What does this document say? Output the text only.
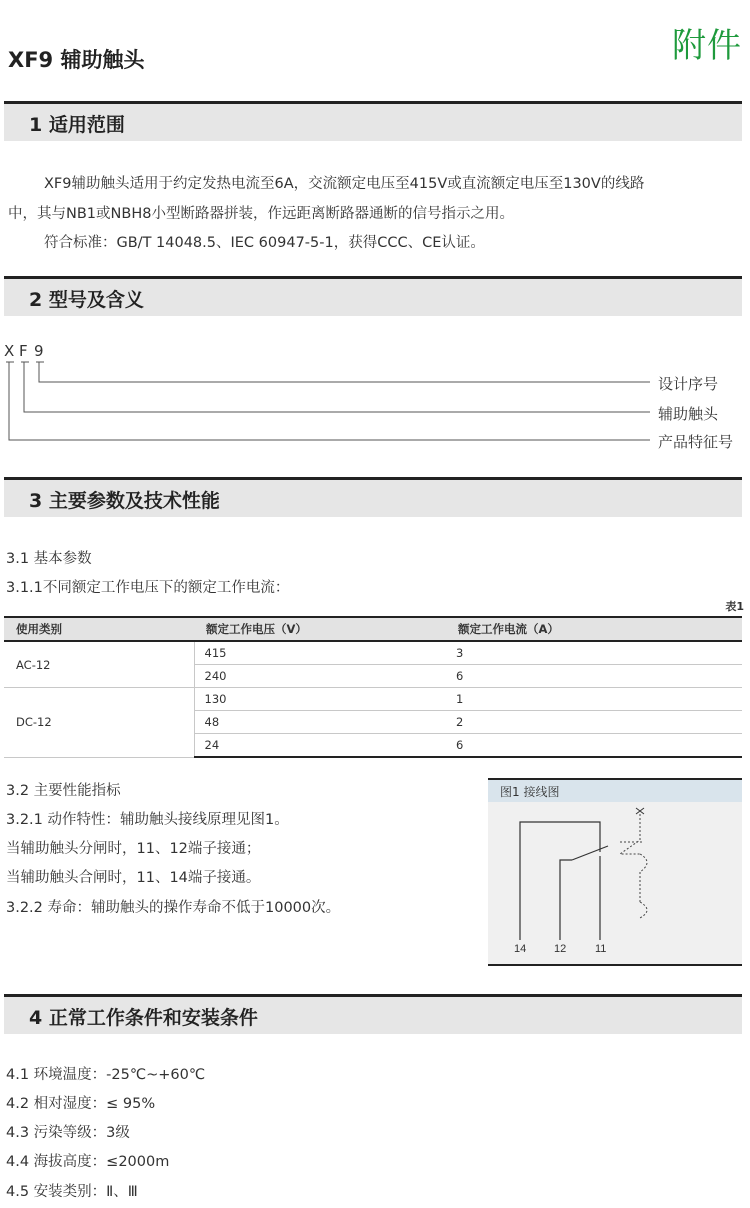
XF9 辅助触头	附件
1 适用范围
XF9辅助触头适用于约定发热电流至6A，交流额定电压至415V或直流额定电压至130V的线路
中，其与NB1或NBH8小型断路器拼装，作远距离断路器通断的信号指示之用。
符合标准：GB/T 14048.5、IEC 60947-5-1，获得CCC、CE认证。
2 型号及含义
X F 9
设计序号
辅助触头
产品特征号
3 主要参数及技术性能
3.1 基本参数
3.1.1不同额定工作电压下的额定工作电流：
表1
使用类别	额定工作电压（V）	额定工作电流（A）
AC-12	415	3
	240	6
DC-12	130	1
	48	2
	24	6
3.2 主要性能指标
3.2.1 动作特性：辅助触头接线原理见图1。
当辅助触头分闸时，11、12端子接通；
当辅助触头合闸时，11、14端子接通。
3.2.2 寿命：辅助触头的操作寿命不低于10000次。
图1 接线图
14	12	11
4 正常工作条件和安装条件
4.1 环境温度：-25℃~+60℃
4.2 相对湿度：≤ 95%
4.3 污染等级：3级
4.4 海拔高度：≤2000m
4.5 安装类别：Ⅱ、Ⅲ
